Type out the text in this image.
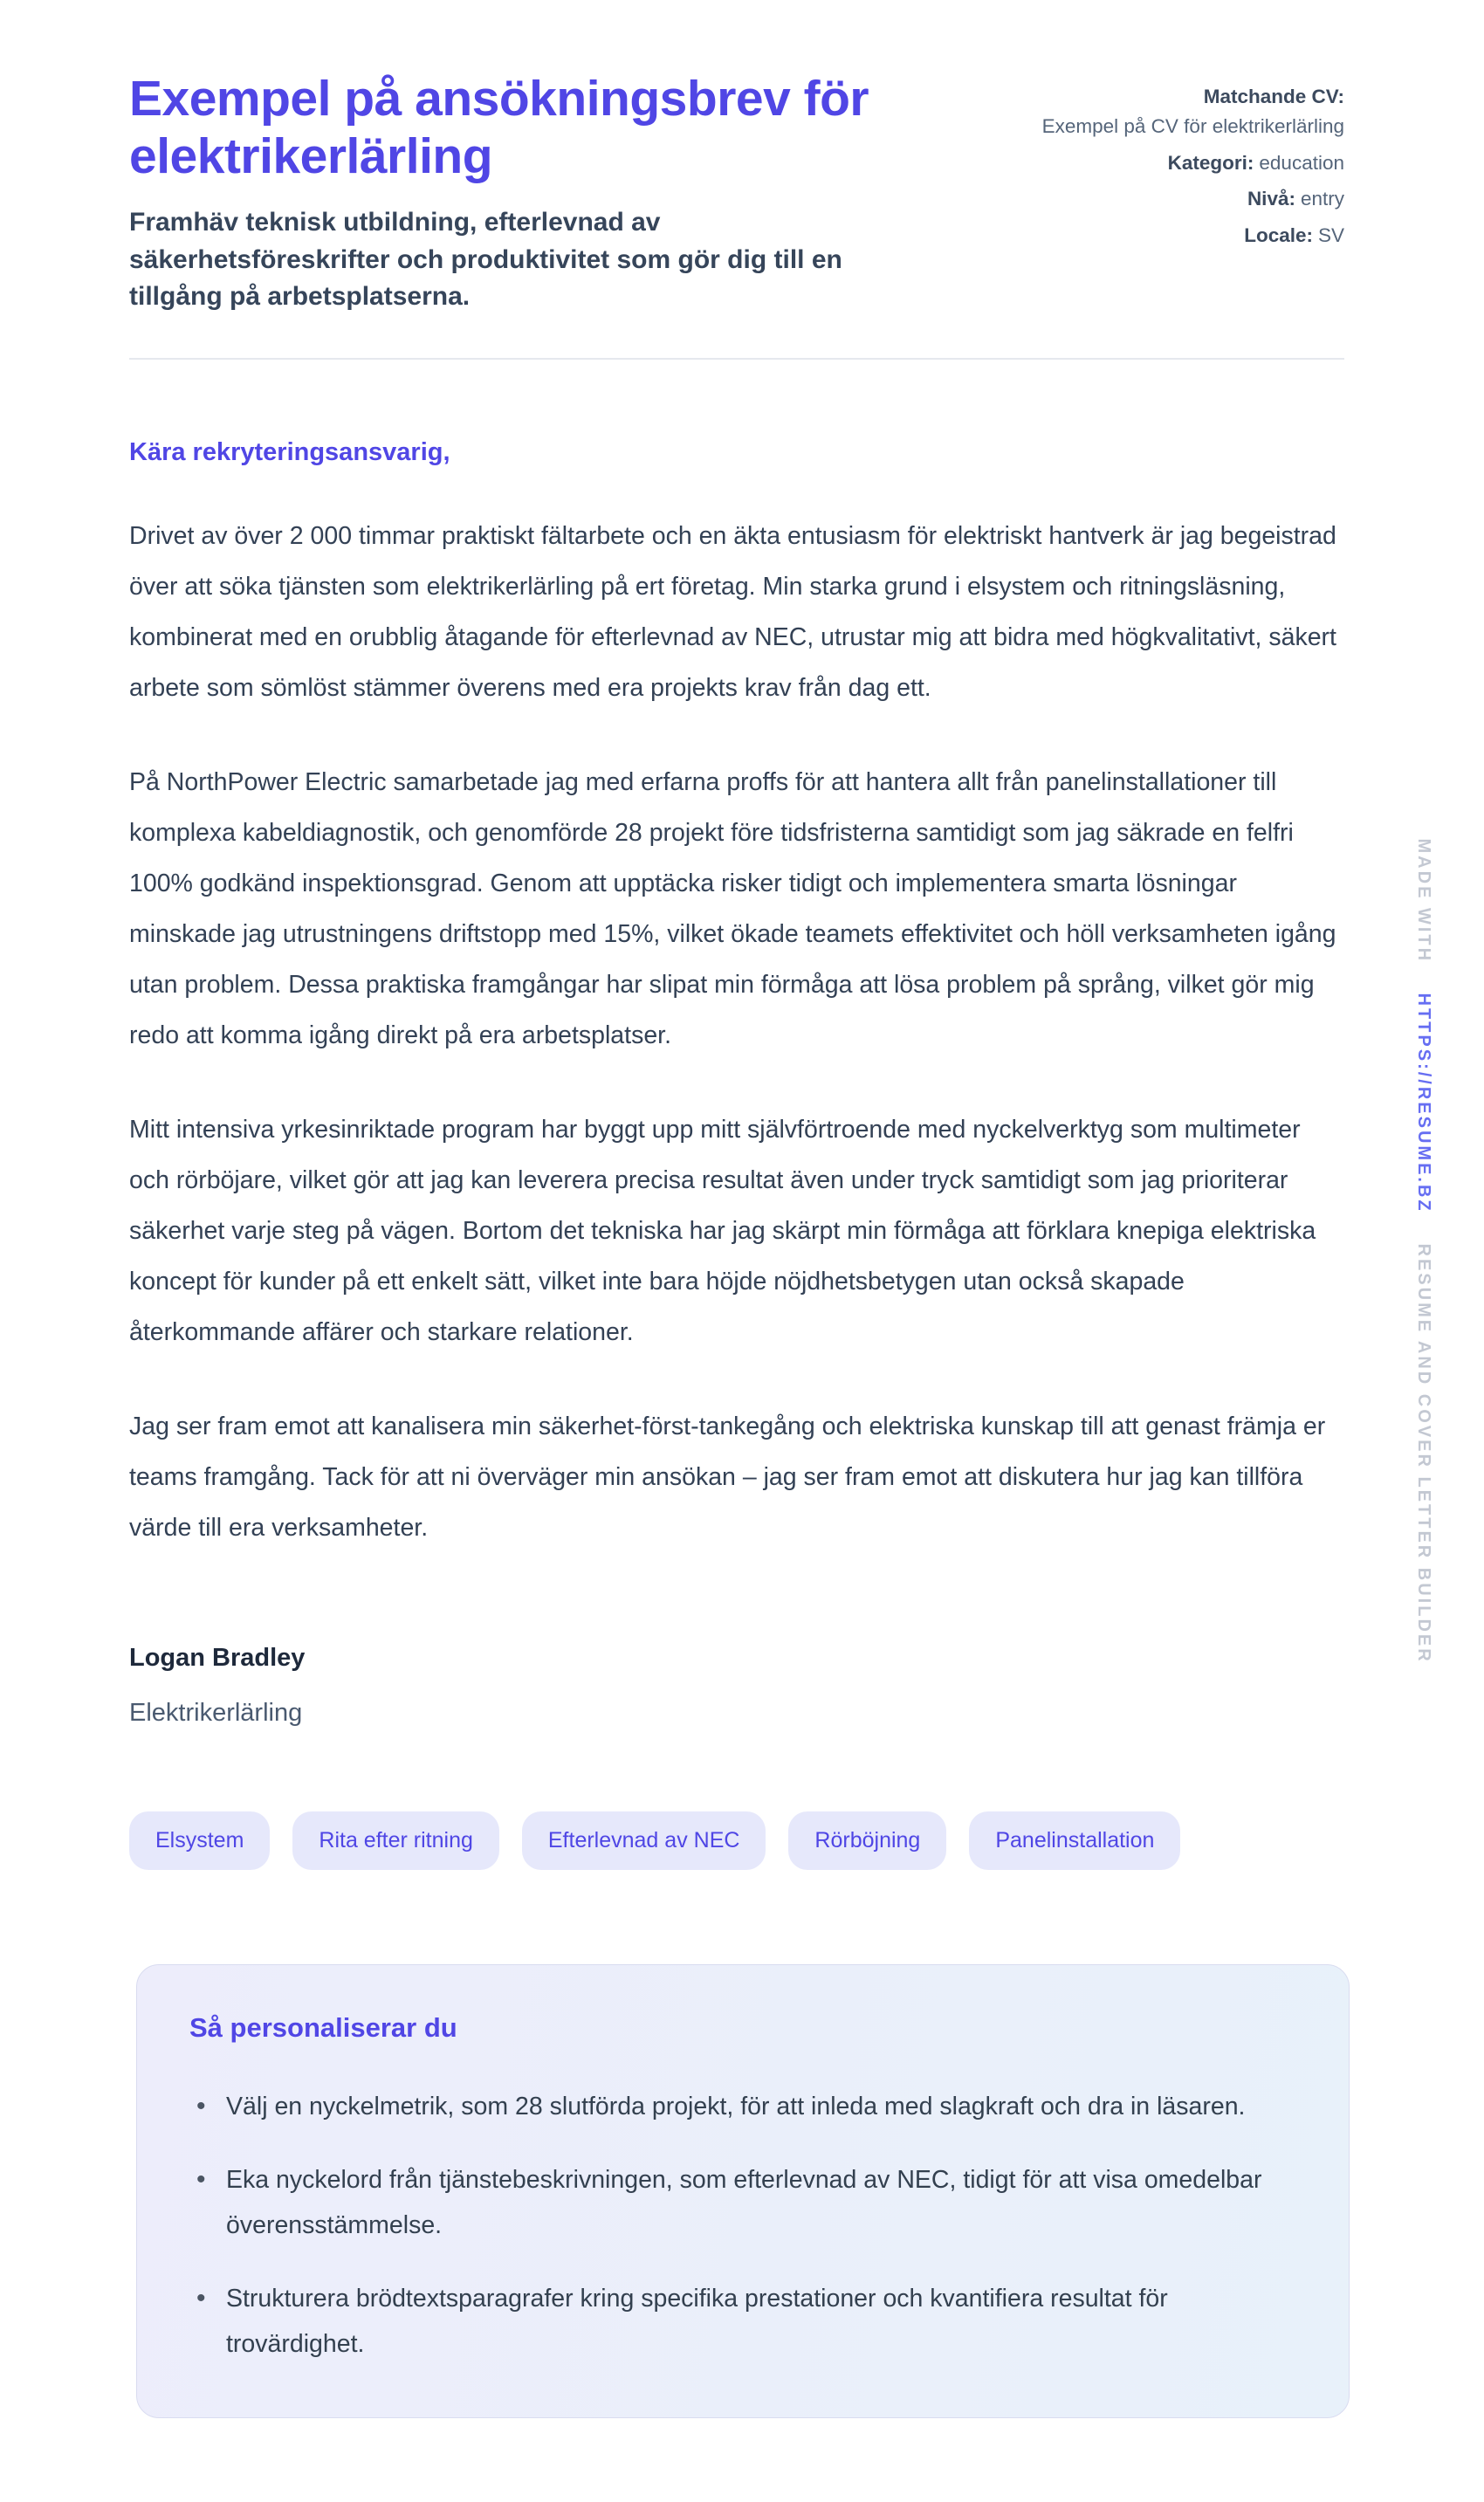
Exempel på ansökningsbrev för elektrikerlärling

Framhäv teknisk utbildning, efterlevnad av säkerhetsföreskrifter och produktivitet som gör dig till en tillgång på arbetsplatserna.

Matchande CV:
Exempel på CV för elektrikerlärling
Kategori: education
Nivå: entry
Locale: SV

Kära rekryteringsansvarig,

Drivet av över 2 000 timmar praktiskt fältarbete och en äkta entusiasm för elektriskt hantverk är jag begeistrad över att söka tjänsten som elektrikerlärling på ert företag. Min starka grund i elsystem och ritningsläsning, kombinerat med en orubblig åtagande för efterlevnad av NEC, utrustar mig att bidra med högkvalitativt, säkert arbete som sömlöst stämmer överens med era projekts krav från dag ett.

På NorthPower Electric samarbetade jag med erfarna proffs för att hantera allt från panelinstallationer till komplexa kabeldiagnostik, och genomförde 28 projekt före tidsfristerna samtidigt som jag säkrade en felfri 100% godkänd inspektionsgrad. Genom att upptäcka risker tidigt och implementera smarta lösningar minskade jag utrustningens driftstopp med 15%, vilket ökade teamets effektivitet och höll verksamheten igång utan problem. Dessa praktiska framgångar har slipat min förmåga att lösa problem på språng, vilket gör mig redo att komma igång direkt på era arbetsplatser.

Mitt intensiva yrkesinriktade program har byggt upp mitt självförtroende med nyckelverktyg som multimeter och rörböjare, vilket gör att jag kan leverera precisa resultat även under tryck samtidigt som jag prioriterar säkerhet varje steg på vägen. Bortom det tekniska har jag skärpt min förmåga att förklara knepiga elektriska koncept för kunder på ett enkelt sätt, vilket inte bara höjde nöjdhetsbetygen utan också skapade återkommande affärer och starkare relationer.

Jag ser fram emot att kanalisera min säkerhet-först-tankegång och elektriska kunskap till att genast främja er teams framgång. Tack för att ni överväger min ansökan – jag ser fram emot att diskutera hur jag kan tillföra värde till era verksamheter.

Logan Bradley

Elektrikerlärling

Elsystem	Rita efter ritning	Efterlevnad av NEC	Rörböjning	Panelinstallation
Så personaliserar du
• Välj en nyckelmetrik, som 28 slutförda projekt, för att inleda med slagkraft och dra in läsaren.
• Eka nyckelord från tjänstebeskrivningen, som efterlevnad av NEC, tidigt för att visa omedelbar överensstämmelse.
• Strukturera brödtextsparagrafer kring specifika prestationer och kvantifiera resultat för trovärdighet.
MADE WITH HTTPS://RESUME.BZ RESUME AND COVER LETTER BUILDER
